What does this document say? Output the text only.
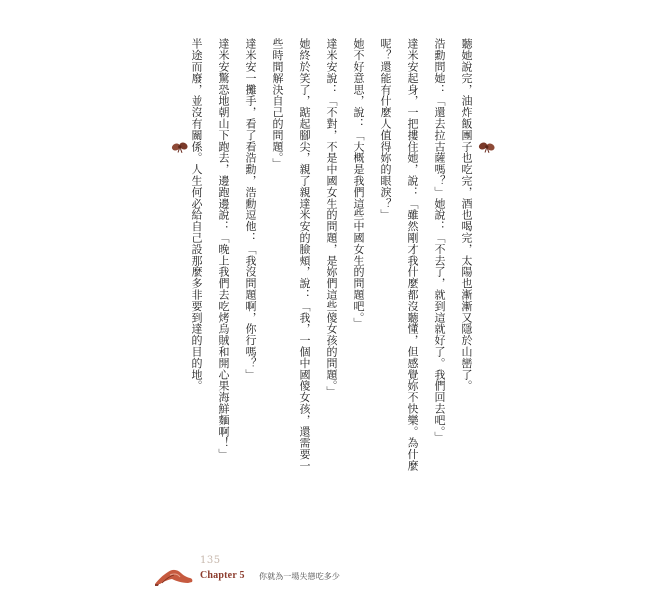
聽她說完，油炸飯團子也吃完，酒也喝完，太陽也漸漸又隱於山巒了。
浩勳問她：「還去拉古薩嗎？」她說：「不去了，就到這就好了。我們回去吧。」
達米安起身，一把摟住她，說：「雖然剛才我什麼都沒聽懂，但感覺妳不快樂。為什麼
呢？還能有什麼人值得妳的眼淚？」
她不好意思，說：「大概是我們這些中國女生的問題吧。」
達米安說：「不對，不是中國女生的問題，是妳們這些傻女孩的問題。」
她終於笑了，踮起腳尖，親了親達米安的臉頰，說：「我，一個中國傻女孩，還需要一
些時間解決自己的問題。」
達米安一攤手，看了看浩勳，浩勳逗他：「我沒問題啊，你行嗎？」
達米安驚恐地朝山下跑去，邊跑邊說：「晚上我們去吃烤烏賊和開心果海鮮麵啊！」
半途而廢，並沒有關係。人生何必給自己設那麼多非要到達的目的地。
135
Chapter 5 你就為一場失戀吃多少
